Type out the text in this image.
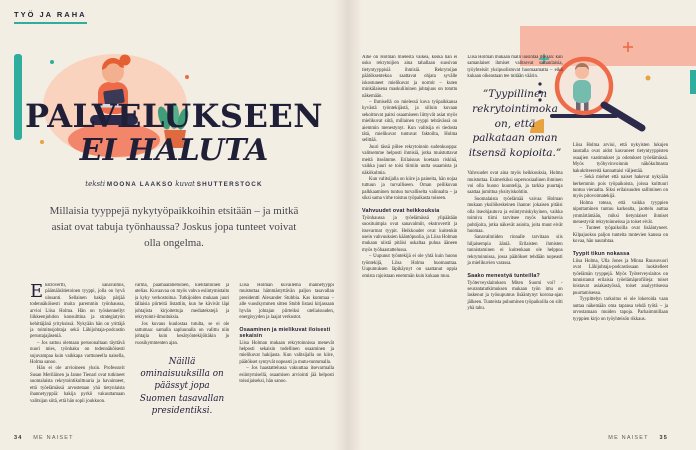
TYÖ JA RAHA
PALVELUKSEEN
EI HALUTA
teksti MOONA LAAKSO kuvat SHUTTERSTOCK

Millaisia tyyppejä nykytyöpaikkoihin etsitään – ja mitkä asiat ovat tabuja työnhaussa? Joskus jopa tunteet voivat olla ongelma.

Ekstrovertti, sanavalmis, päämäärätietoinen tyyppi, jolla on hyvä ulosanti. Sellainen hakija pärjää todennäköisesti muita paremmin työnhaussa, arvioi Liisa Holma. Hän on työskennellyt liikkeenjohdon konsulttina ja strategiatyön kehittäjänä yrityksissä. Nykyään hän on yrittäjä ja toimitusjohtaja sekä Lähijohtaja-podcastin perustajajäseniä.

– Jos sattuu olemaan persoonaltaan täyttävä nuori mies, työnhaku on todennäköisesti sujuvampaa kuin vaikkapa varttuneella naisella, Holma sanoo.

Hän ei ole arvioineen yksin. Professorit Susan Meriläinen ja Janne Tienari ovat tutkineet suomalaista rekrytointikulttuuria ja havainneet, että työelämässä arvostetaan yhä tietynlaista ihannetyyppiä: hakija pyrkii vakuuttamaan valitsijan siitä, että hän sopii joukkoon.

varma, päämäärätietoinen, kielitaitoinen ja utelias. Kuvaavaa on myös vahva esiintymistaito ja kyky verkostoitua. Tutkijoiden mukaan juuri tällaisia piirteitä listattiin, kun he kävivät läpi johtajista kirjoitettuja mediatekstejä ja rekrytointi-ilmoituksia.

Jos kuvaus kuulostaa tutulta, se ei ole sattumaa: samalla sapluunalla on valittu niin johtajia kuin kesätyöntekijöitäkin jo vuosikymmenten ajan.

Näillä ominaisuuksilla on päässyt jopa Suomen tasavallan presidentiksi.

Liisa Holman kuvailema ihannetyyppi muistuttaa hämmästyttävän paljon tasavallan presidentti Alexander Stubbia. Kas kummaa – alle vuosikymmen sitten Stubb listasi kirjassaan hyvän johtajan piirteiksi uteliaisuuden, energisyyden ja laajat verkostot.

Osaaminen ja mielikuvat iloisesti sekaisin

Liisa Holman mukaan rekrytoinnissa menevät helposti sekaisin todellinen osaaminen ja mielikuvat hakijasta. Kun valitsijalla on kiire, päätökset syntyvät nopeasti ja mutu-tuntumalla.

– Jos haastattelussa vakuuttaa itsevarmalla esiintymisellä, osaamisen arviointi jää helposti toissijaiseksi, hän sanoo.

34 ME NAISET

Aihe on Holman mielestä vaikea, koska hän ei usko rekrytoijien aina tahallaan suosivan tietyntyyppisiä ihmisiä. Rekrytoijan päätöksentekoa saattavat ohjata syvälle iskostuneet mielikuvat ja normit – kuten minkälaisena maskuliininen johtajuus on totuttu näkemään.

– Ihmisellä on mielessä kuva työpaikkansa hyvästä työntekijästä, ja silloin kuvaan sekoittuvat paitsi osaamiseen liittyvät asiat myös mielikuvat siitä, millainen tyyppi tehtävässä on aiemmin menestynyt. Kun valitsija ei tiedosta tätä, mielikuvat tuntuvat faktoilta, Holma selittää.

Juuri tässä piilee rekrytoinnin sudenkuoppa: valitsemme helposti ihmisiä, jotka muistuttavat meitä itseämme. Erilaisuus koetaan riskinä, vaikka juuri se toisi tiimiin uutta osaamista ja näkökulmia.

Kun valitsijalla on kiire ja paineita, hän nojaa tuttuun ja turvalliseen. Oman peilikuvan palkkaaminen tuntuu turvalliselta valinnalta – ja siksi sama virhe toistuu työpaikasta toiseen.

Vahvuudet ovat heikkouksia

Työnhaussa ja työelämässä ylipäätään suosituimpia ovat sanavalmiit, ekstrovertit ja itsevarmat tyypit. Heikkoudet ovat kuitenkin usein vahvuuksien kääntöpuolia, ja Liisa Holman mukaan niistä pitäisi uskaltaa puhua ääneen myös työhaastattelussa.

– Uupunut työntekijä ei ole yhtä kuin huono työntekijä, Liisa Holma huomauttaa. Uupumuksen läpikäynyt on saattanut oppia omista rajoistaan enemmän kuin kukaan muu.

Liisa Holman mukaan malli uusintaa itseään: kun samanlaiset ihmiset valitsevat samanlaisia, työyhteisöt yksipuolistuvat huomaamatta – eikä kukaan oikeastaan tee mitään väärin.

”Tyypillinen rekrytointimoka on, että palkataan oman itsensä kopioita.”

Vahvuudet ovat aina myös heikkouksia, Holma muistuttaa. Esimerkiksi supersosiaalinen ihminen voi olla huono kuuntelija, ja tarkka puurtaja saattaa jumittua yksityiskohtiin.

Suomalaista työelämää vaivaa Holman mukaan yksilökeskeinen ihanne: jokaisen pitäisi olla itseohjautuva ja esiintymiskykyinen, vaikka toimiva tiimi tarvitsee myös harkitsevia pohtijoita, jotka näkevät asioita, joita muut eivät huomaa.

Sanavalmiiden rinnalle tarvitaan siis hiljaisempia ääniä. Erilaisten ihmisten tunnistaminen ei kuitenkaan ole helppoa rekrytoinnissa, jossa päätökset tehdään nopeasti ja mielikuvien varassa.

Saako menestyä tunteilla?

Työterveyslaitoksen Miten Suomi voi? -seurantatutkimuksen mukaan työn imu on laskenut ja työuupumus lisääntynyt korona-ajan jälkeen. Tunteista puhuminen työpaikoilla on silti yhä tabu.

Liisa Holma arvioi, että nykyisten lukujen taustalla ovat aidot kasvaneet tietyntyyppisten osaajien vaatimukset ja odotukset työelämässä. Myös työhyvinvoinnin näkökulmasta hakukriteereitä kannattaisi väljentää.

– Sekä miehet että naiset hakevat nykyään herkemmin pois työpaikoista, joissa kulttuuri tuntuu vieraalta. Siksi erilaisuuden salliminen on myös pitovoimatekijä.

Holma toteaa, että vaikka tyyppien niputtaminen tuntuu karkealta, jaottelu auttaa ymmärtämään, miksi tietynlaiset ihmiset menestyvät rekrytoinneissa ja toiset eivät.

– Tunteet työpaikoilla ovat lisääntyneet. Kilpajuoksu paljon tunteita tuntevien kanssa on kovaa, hän naurahtaa.

Tyypit tikun nokassa

Liisa Holma, Ulla Jones ja Minna Ruusuvuori ovat Lähijohtaja-podcastissaan luokitelleet työelämän tyyppejä. Myös Työterveyslaitos on tunnistanut erilaisia työelämäprofiileja: toiset loistavat asiakastyössä, toiset analyyttisessa puurtamisessa.

Tyypittelyn tarkoitus ei ole lokeroida vaan auttaa näkemään oma tapansa tehdä työtä – ja arvostamaan muiden tapoja. Parhaimmillaan tyyppien kirjo on työyhteisön rikkaus.

ME NAISET 35
